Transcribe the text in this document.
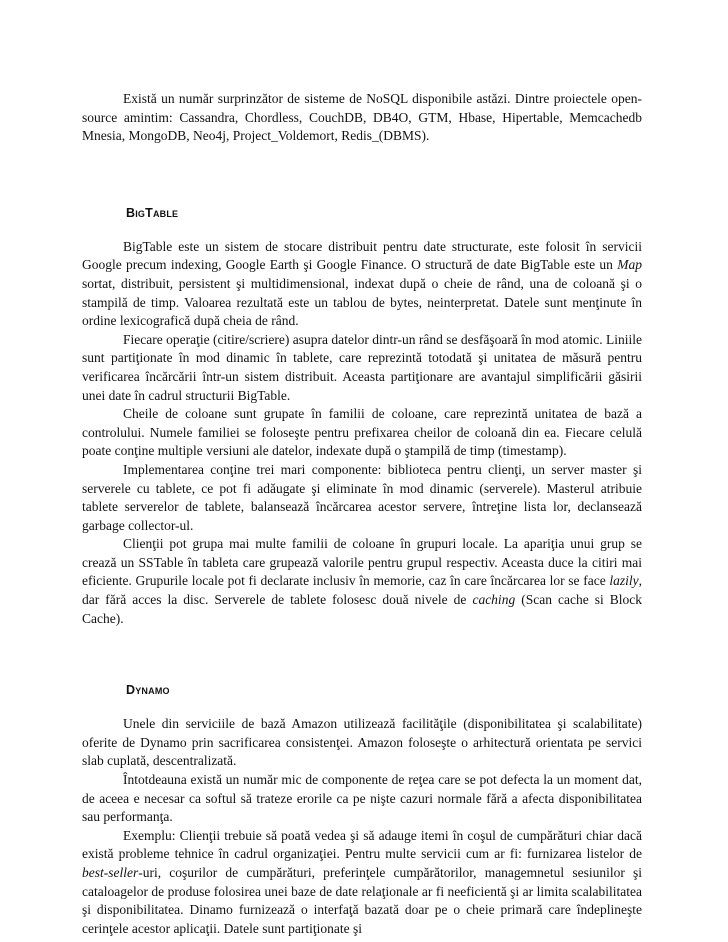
Există un număr surprinzător de sisteme de NoSQL disponibile astăzi. Dintre proiectele open-source amintim: Cassandra, Chordless, CouchDB, DB4O, GTM, Hbase, Hipertable, Memcachedb Mnesia, MongoDB, Neo4j, Project_Voldemort, Redis_(DBMS).

BigTable

BigTable este un sistem de stocare distribuit pentru date structurate, este folosit în servicii Google precum indexing, Google Earth şi Google Finance. O structură de date BigTable este un Map sortat, distribuit, persistent şi multidimensional, indexat după o cheie de rând, una de coloană şi o stampilă de timp. Valoarea rezultată este un tablou de bytes, neinterpretat. Datele sunt menţinute în ordine lexicografică după cheia de rând.

Fiecare operaţie (citire/scriere) asupra datelor dintr-un rând se desfăşoară în mod atomic. Liniile sunt partiţionate în mod dinamic în tablete, care reprezintă totodată şi unitatea de măsură pentru verificarea încărcării într-un sistem distribuit. Aceasta partiţionare are avantajul simplificării găsirii unei date în cadrul structurii BigTable.

Cheile de coloane sunt grupate în familii de coloane, care reprezintă unitatea de bază a controlului. Numele familiei se foloseşte pentru prefixarea cheilor de coloană din ea. Fiecare celulă poate conţine multiple versiuni ale datelor, indexate după o ştampilă de timp (timestamp).

Implementarea conţine trei mari componente: biblioteca pentru clienţi, un server master şi serverele cu tablete, ce pot fi adăugate şi eliminate în mod dinamic (serverele). Masterul atribuie tablete serverelor de tablete, balansează încărcarea acestor servere, întreţine lista lor, declansează garbage collector-ul.

Clienţii pot grupa mai multe familii de coloane în grupuri locale. La apariţia unui grup se crează un SSTable în tableta care grupează valorile pentru grupul respectiv. Aceasta duce la citiri mai eficiente. Grupurile locale pot fi declarate inclusiv în memorie, caz în care încărcarea lor se face lazily, dar fără acces la disc. Serverele de tablete folosesc două nivele de caching (Scan cache si Block Cache).

Dynamo

Unele din serviciile de bază Amazon utilizează facilităţile (disponibilitatea şi scalabilitate) oferite de Dynamo prin sacrificarea consistenţei. Amazon foloseşte o arhitectură orientata pe servici slab cuplată, descentralizată.

Întotdeauna există un număr mic de componente de reţea care se pot defecta la un moment dat, de aceea e necesar ca softul să trateze erorile ca pe nişte cazuri normale fără a afecta disponibilitatea sau performanţa.

Exemplu: Clienţii trebuie să poată vedea şi să adauge itemi în coşul de cumpărături chiar dacă există probleme tehnice în cadrul organizaţiei. Pentru multe servicii cum ar fi: furnizarea listelor de best-seller-uri, coşurilor de cumpărături, preferinţele cumpărătorilor, managemnetul sesiunilor şi cataloagelor de produse folosirea unei baze de date relaţionale ar fi neeficientă şi ar limita scalabilitatea şi disponibilitatea. Dinamo furnizează o interfaţă bazată doar pe o cheie primară care îndeplineşte cerinţele acestor aplicaţii. Datele sunt partiţionate şi
